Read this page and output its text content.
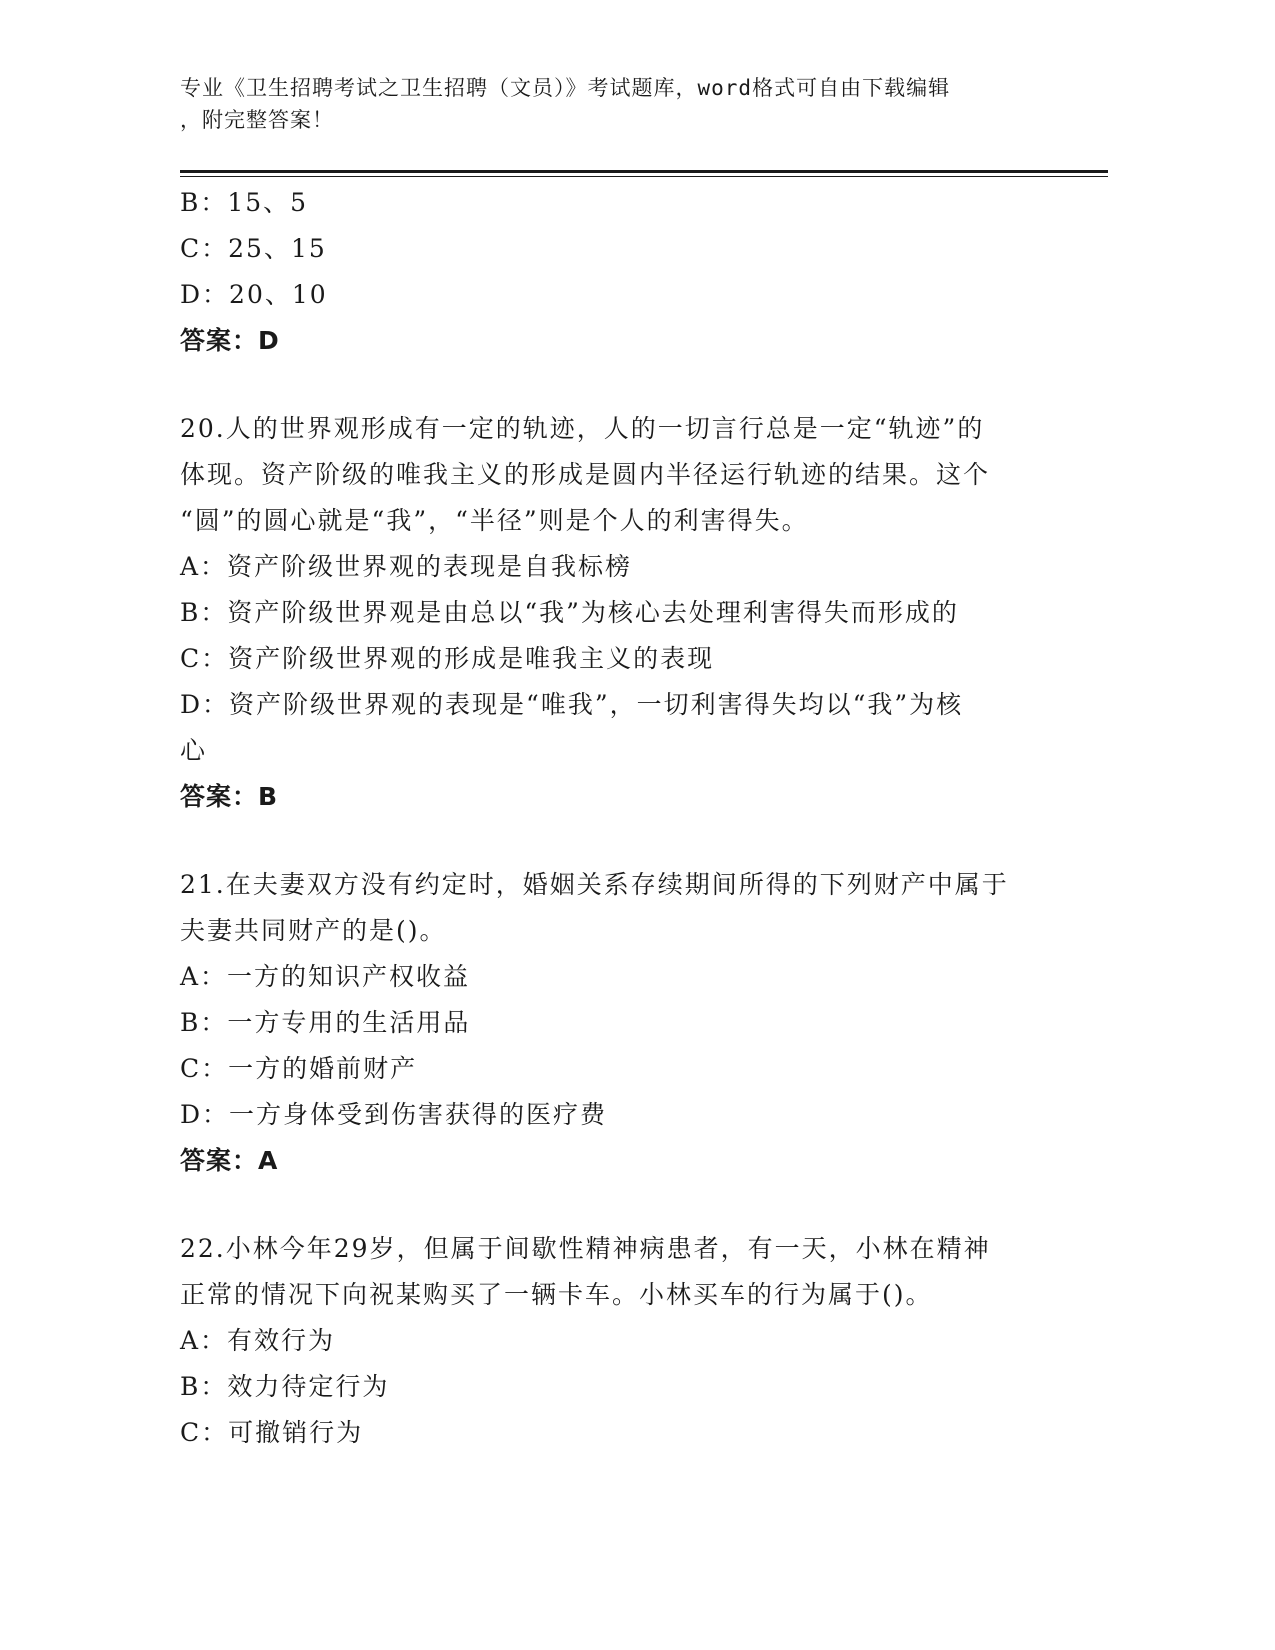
专业《卫生招聘考试之卫生招聘（文员）》考试题库，word格式可自由下载编辑
，附完整答案！
B：15、5
C：25、15
D：20、10
答案：D
20.人的世界观形成有一定的轨迹，人的一切言行总是一定“轨迹”的
体现。资产阶级的唯我主义的形成是圆内半径运行轨迹的结果。这个
“圆”的圆心就是“我”，“半径”则是个人的利害得失。
A：资产阶级世界观的表现是自我标榜
B：资产阶级世界观是由总以“我”为核心去处理利害得失而形成的
C：资产阶级世界观的形成是唯我主义的表现
D：资产阶级世界观的表现是“唯我”，一切利害得失均以“我”为核
心
答案：B
21.在夫妻双方没有约定时，婚姻关系存续期间所得的下列财产中属于
夫妻共同财产的是()。
A：一方的知识产权收益
B：一方专用的生活用品
C：一方的婚前财产
D：一方身体受到伤害获得的医疗费
答案：A
22.小林今年29岁，但属于间歇性精神病患者，有一天，小林在精神
正常的情况下向祝某购买了一辆卡车。小林买车的行为属于()。
A：有效行为
B：效力待定行为
C：可撤销行为
